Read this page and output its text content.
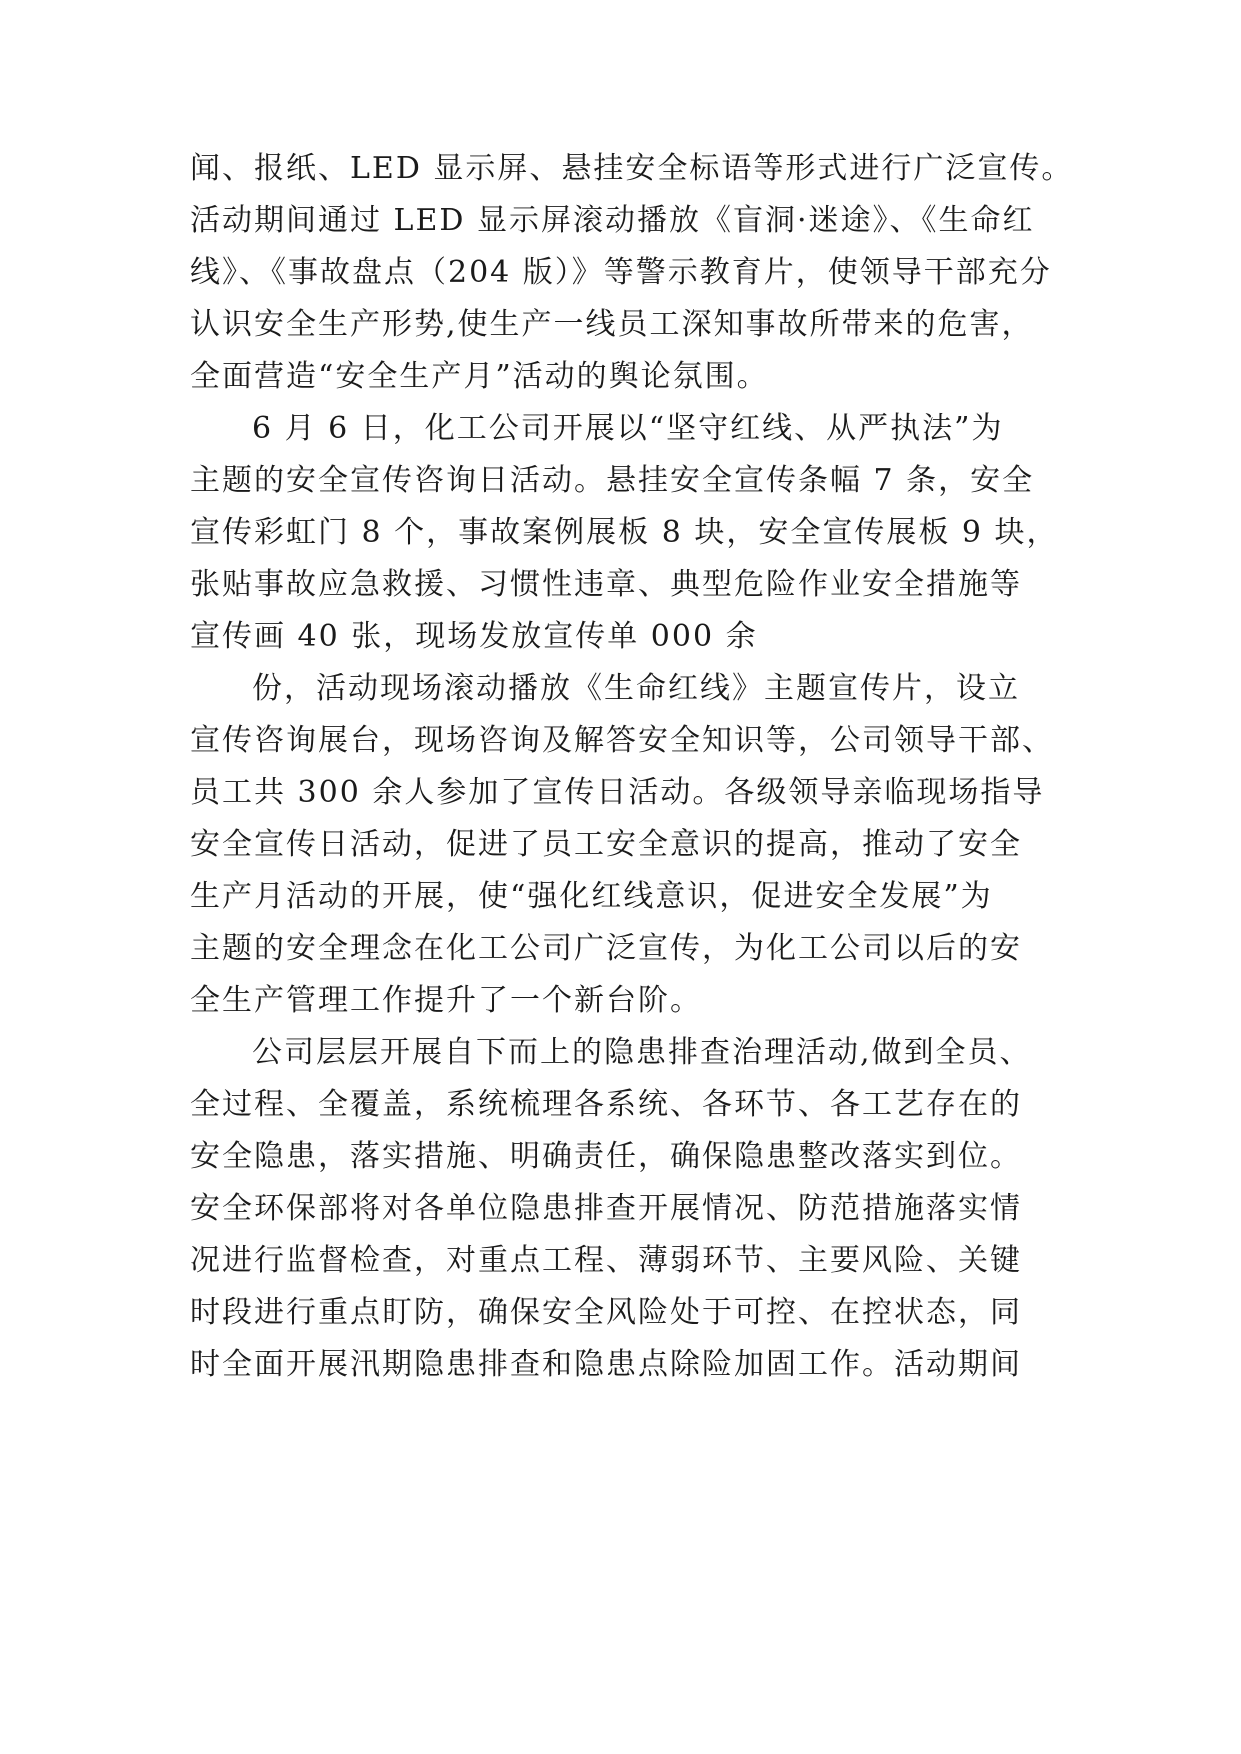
闻、报纸、LED 显示屏、悬挂安全标语等形式进行广泛宣传。
活动期间通过 LED 显示屏滚动播放《盲洞·迷途》、《生命红
线》、《事故盘点（204 版）》等警示教育片，使领导干部充分
认识安全生产形势,使生产一线员工深知事故所带来的危害，
全面营造“安全生产月”活动的舆论氛围。
6 月 6 日，化工公司开展以“坚守红线、从严执法”为
主题的安全宣传咨询日活动。悬挂安全宣传条幅 7 条，安全
宣传彩虹门 8 个，事故案例展板 8 块，安全宣传展板 9 块，
张贴事故应急救援、习惯性违章、典型危险作业安全措施等
宣传画 40 张，现场发放宣传单 000 余
份，活动现场滚动播放《生命红线》主题宣传片，设立
宣传咨询展台，现场咨询及解答安全知识等，公司领导干部、
员工共 300 余人参加了宣传日活动。各级领导亲临现场指导
安全宣传日活动，促进了员工安全意识的提高，推动了安全
生产月活动的开展，使“强化红线意识，促进安全发展”为
主题的安全理念在化工公司广泛宣传，为化工公司以后的安
全生产管理工作提升了一个新台阶。
公司层层开展自下而上的隐患排查治理活动,做到全员、
全过程、全覆盖，系统梳理各系统、各环节、各工艺存在的
安全隐患，落实措施、明确责任，确保隐患整改落实到位。
安全环保部将对各单位隐患排查开展情况、防范措施落实情
况进行监督检查，对重点工程、薄弱环节、主要风险、关键
时段进行重点盯防，确保安全风险处于可控、在控状态，同
时全面开展汛期隐患排查和隐患点除险加固工作。活动期间
